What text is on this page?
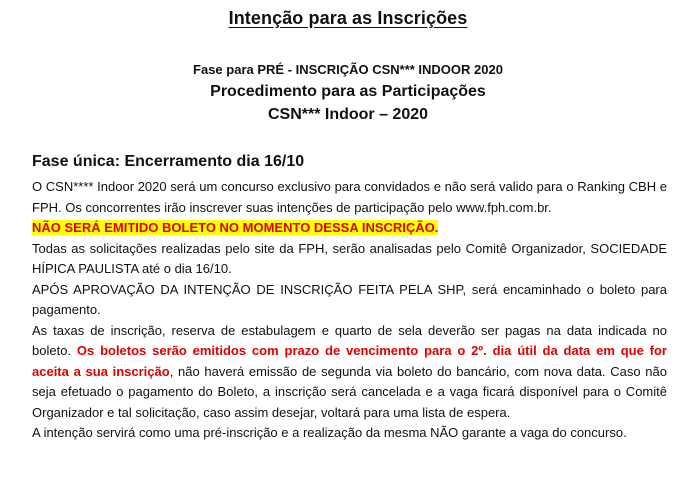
Intenção para as Inscrições
Fase para PRÉ - INSCRIÇÃO CSN*** INDOOR 2020
Procedimento para as Participações
CSN*** Indoor – 2020
Fase única: Encerramento dia 16/10

O CSN**** Indoor 2020 será um concurso exclusivo para convidados e não será valido para o Ranking CBH e FPH. Os concorrentes irão inscrever suas intenções de participação pelo www.fph.com.br.

NÃO SERÁ EMITIDO BOLETO NO MOMENTO DESSA INSCRIÇÃO.

Todas as solicitações realizadas pelo site da FPH, serão analisadas pelo Comitê Organizador, SOCIEDADE HÍPICA PAULISTA até o dia 16/10.

APÓS APROVAÇÃO DA INTENÇÃO DE INSCRIÇÃO FEITA PELA SHP, será encaminhado o boleto para pagamento.

As taxas de inscrição, reserva de estabulagem e quarto de sela deverão ser pagas na data indicada no boleto. Os boletos serão emitidos com prazo de vencimento para o 2º. dia útil da data em que for aceita a sua inscrição, não haverá emissão de segunda via boleto do bancário, com nova data. Caso não seja efetuado o pagamento do Boleto, a inscrição será cancelada e a vaga ficará disponível para o Comitê Organizador e tal solicitação, caso assim desejar, voltará para uma lista de espera.

A intenção servirá como uma pré-inscrição e a realização da mesma NÃO garante a vaga do concurso.
